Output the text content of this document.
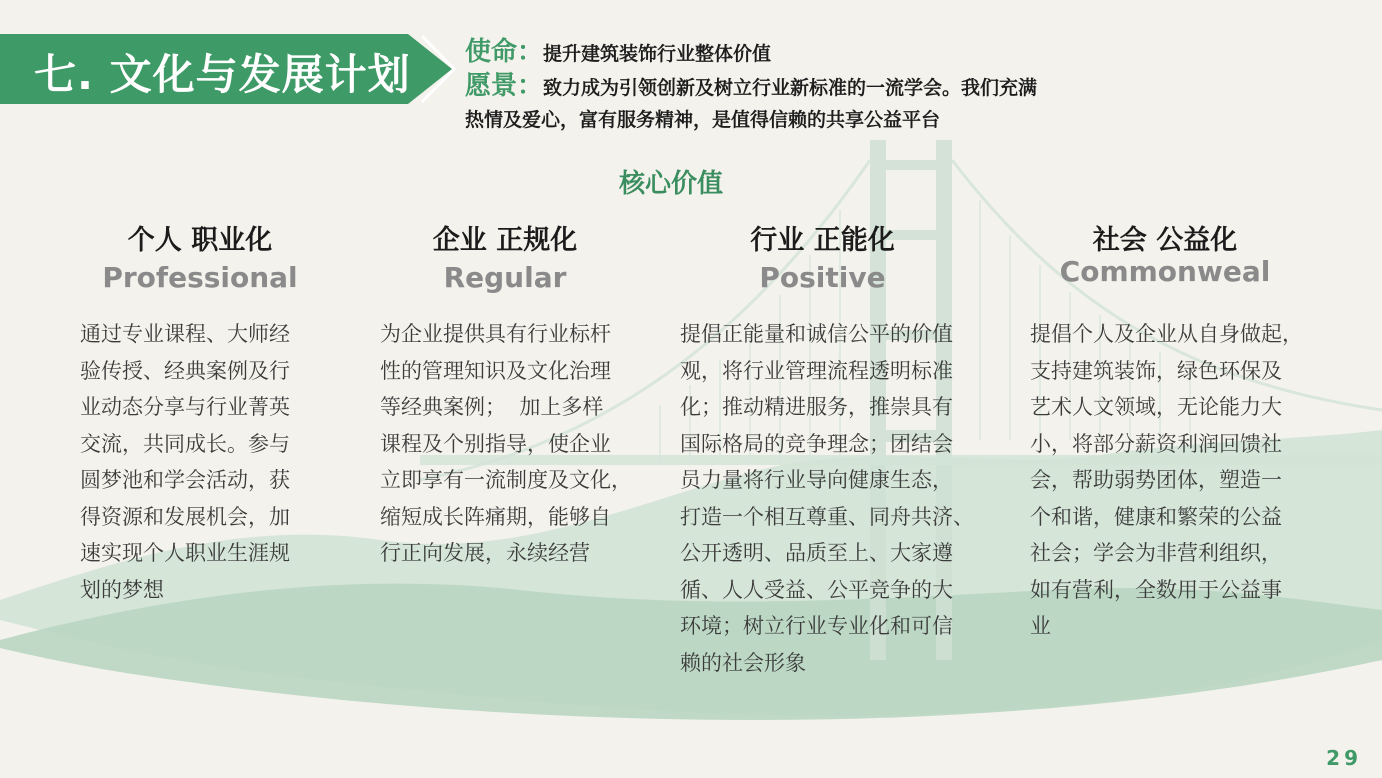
七. 文化与发展计划 使命：提升建筑装饰行业整体价值
愿景：致力成为引领创新及树立行业新标准的一流学会。我们充满
热情及爱心，富有服务精神，是值得信赖的共享公益平台
核心价值
个人 职业化
Professional
企业 正规化
Regular
行业 正能化
Positive
社会 公益化
Commonweal
通过专业课程、大师经
验传授、经典案例及行
业动态分享与行业菁英
交流，共同成长。参与
圆梦池和学会活动，获
得资源和发展机会，加
速实现个人职业生涯规
划的梦想
为企业提供具有行业标杆
性的管理知识及文化治理
等经典案例；  加上多样
课程及个别指导，使企业
立即享有一流制度及文化，
缩短成长阵痛期，能够自
行正向发展，永续经营
提倡正能量和诚信公平的价值
观，将行业管理流程透明标准
化；推动精进服务，推崇具有
国际格局的竞争理念；团结会
员力量将行业导向健康生态，
打造一个相互尊重、同舟共济、
公开透明、品质至上、大家遵
循、人人受益、公平竞争的大
环境；树立行业专业化和可信
赖的社会形象
提倡个人及企业从自身做起，
支持建筑装饰，绿色环保及
艺术人文领域，无论能力大
小，将部分薪资利润回馈社
会，帮助弱势团体，塑造一
个和谐，健康和繁荣的公益
社会；学会为非营利组织，
如有营利，全数用于公益事
业
29
